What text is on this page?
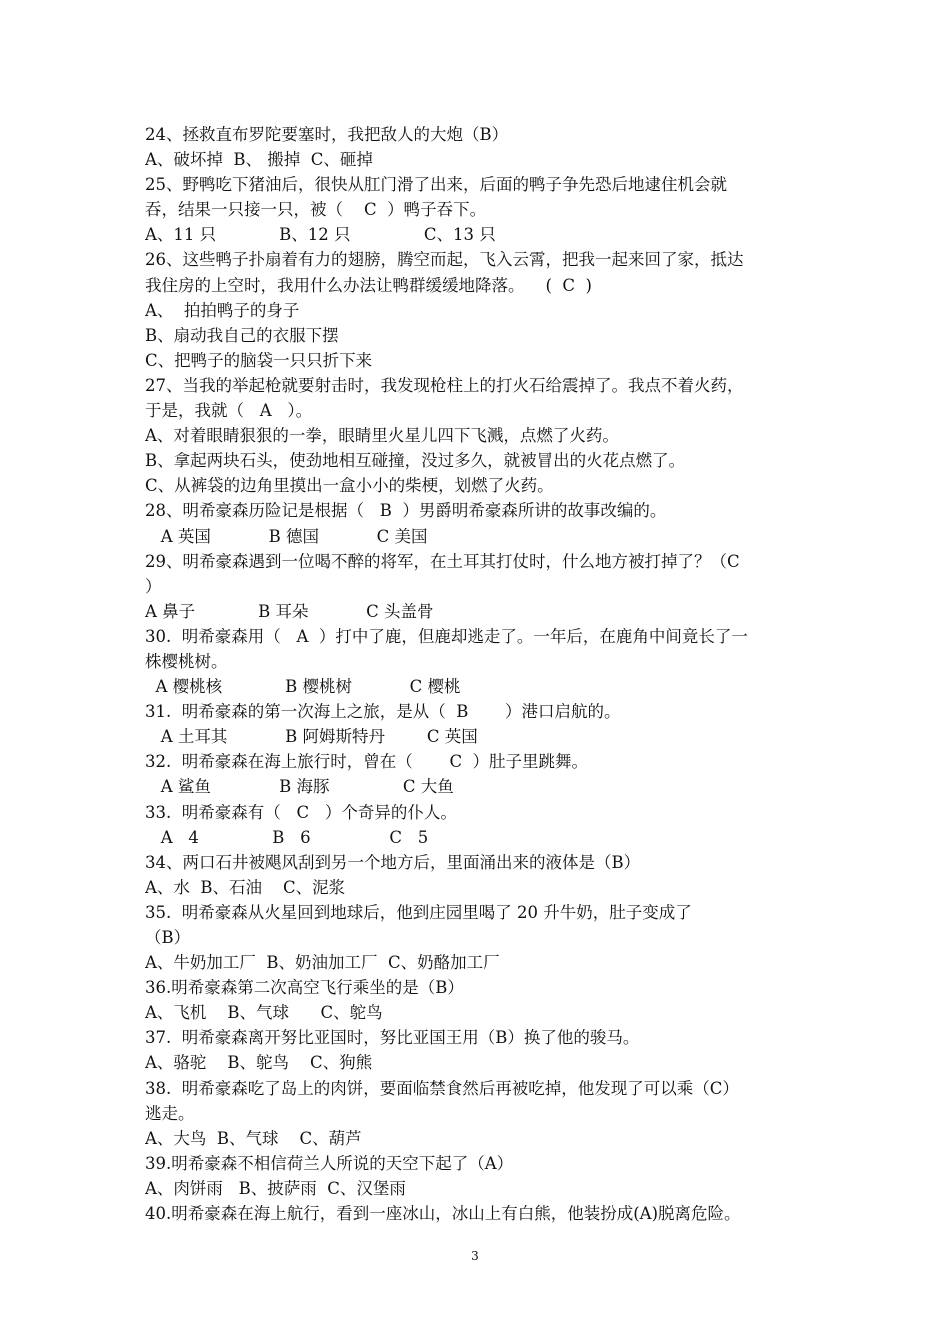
24、拯救直布罗陀要塞时，我把敌人的大炮（B）
A、破坏掉  B、 搬掉  C、砸掉
25、野鸭吃下猪油后，很快从肛门滑了出来，后面的鸭子争先恐后地逮住机会就
吞，结果一只接一只，被（    C  ）鸭子吞下。
A、11 只            B、12 只              C、13 只
26、这些鸭子扑扇着有力的翅膀，腾空而起，飞入云霄，把我一起来回了家，抵达
我住房的上空时，我用什么办法让鸭群缓缓地降落。    (  C  )
A、  拍拍鸭子的身子
B、扇动我自己的衣服下摆
C、把鸭子的脑袋一只只折下来
27、当我的举起枪就要射击时，我发现枪柱上的打火石给震掉了。我点不着火药，
于是，我就（   A   ）。
A、对着眼睛狠狠的一拳，眼睛里火星儿四下飞溅，点燃了火药。
B、拿起两块石头，使劲地相互碰撞，没过多久，就被冒出的火花点燃了。
C、从裤袋的边角里摸出一盒小小的柴梗，划燃了火药。
28、明希豪森历险记是根据（   B  ）男爵明希豪森所讲的故事改编的。
A 英国           B 德国           C 美国
29、明希豪森遇到一位喝不醉的将军，在土耳其打仗时，什么地方被打掉了？（C
）
A 鼻子            B 耳朵           C 头盖骨
30.  明希豪森用（   A  ）打中了鹿，但鹿却逃走了。一年后，在鹿角中间竟长了一
株樱桃树。
A 樱桃核            B 樱桃树           C 樱桃
31.  明希豪森的第一次海上之旅，是从（  B       ）港口启航的。
A 土耳其           B 阿姆斯特丹        C 英国
32.  明希豪森在海上旅行时，曾在（       C  ）肚子里跳舞。
A 鲨鱼             B 海豚              C 大鱼
33.  明希豪森有（   C   ）个奇异的仆人。
A   4              B   6               C   5
34、两口石井被飓风刮到另一个地方后，里面涌出来的液体是（B）
A、水  B、石油    C、泥浆
35.  明希豪森从火星回到地球后，他到庄园里喝了 20 升牛奶，肚子变成了
（B）
A、牛奶加工厂  B、奶油加工厂  C、奶酪加工厂
36.明希豪森第二次高空飞行乘坐的是（B）
A、飞机    B、气球      C、鸵鸟
37.  明希豪森离开努比亚国时，努比亚国王用（B）换了他的骏马。
A、骆驼    B、鸵鸟    C、狗熊
38.  明希豪森吃了岛上的肉饼，要面临禁食然后再被吃掉，他发现了可以乘（C）
逃走。
A、大鸟  B、气球    C、葫芦
39.明希豪森不相信荷兰人所说的天空下起了（A）
A、肉饼雨   B、披萨雨  C、汉堡雨
40.明希豪森在海上航行，看到一座冰山，冰山上有白熊，他装扮成(A)脱离危险。
3
